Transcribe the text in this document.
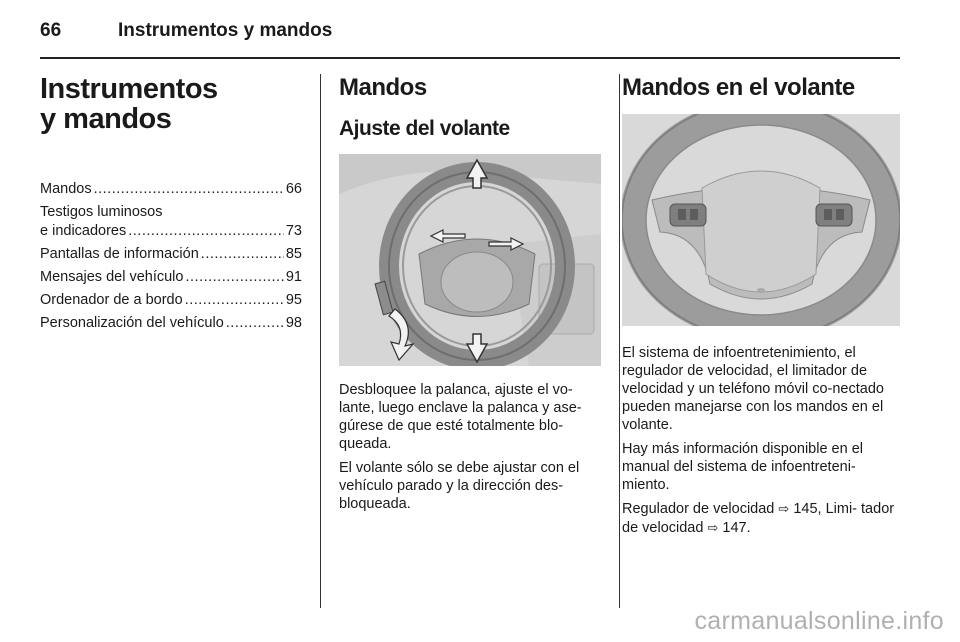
66	Instrumentos y mandos
Instrumentos
y mandos
Mandos .....	66
Testigos luminosos
e indicadores .....	73
Pantallas de información .....	85
Mensajes del vehículo .....	91
Ordenador de a bordo .....	95
Personalización del vehículo .....	98
Mandos
Ajuste del volante

Desbloquee la palanca, ajuste el vo-lante, luego enclave la palanca y ase-gúrese de que esté totalmente blo-queada.

El volante sólo se debe ajustar con el vehículo parado y la dirección des-bloqueada.

Mandos en el volante

El sistema de infoentretenimiento, el regulador de velocidad, el limitador de velocidad y un teléfono móvil co-nectado pueden manejarse con los mandos en el volante.

Hay más información disponible en el manual del sistema de infoentreteni-miento.

Regulador de velocidad ⇨ 145, Limi- tador de velocidad ⇨ 147.

carmanualsonline.info
